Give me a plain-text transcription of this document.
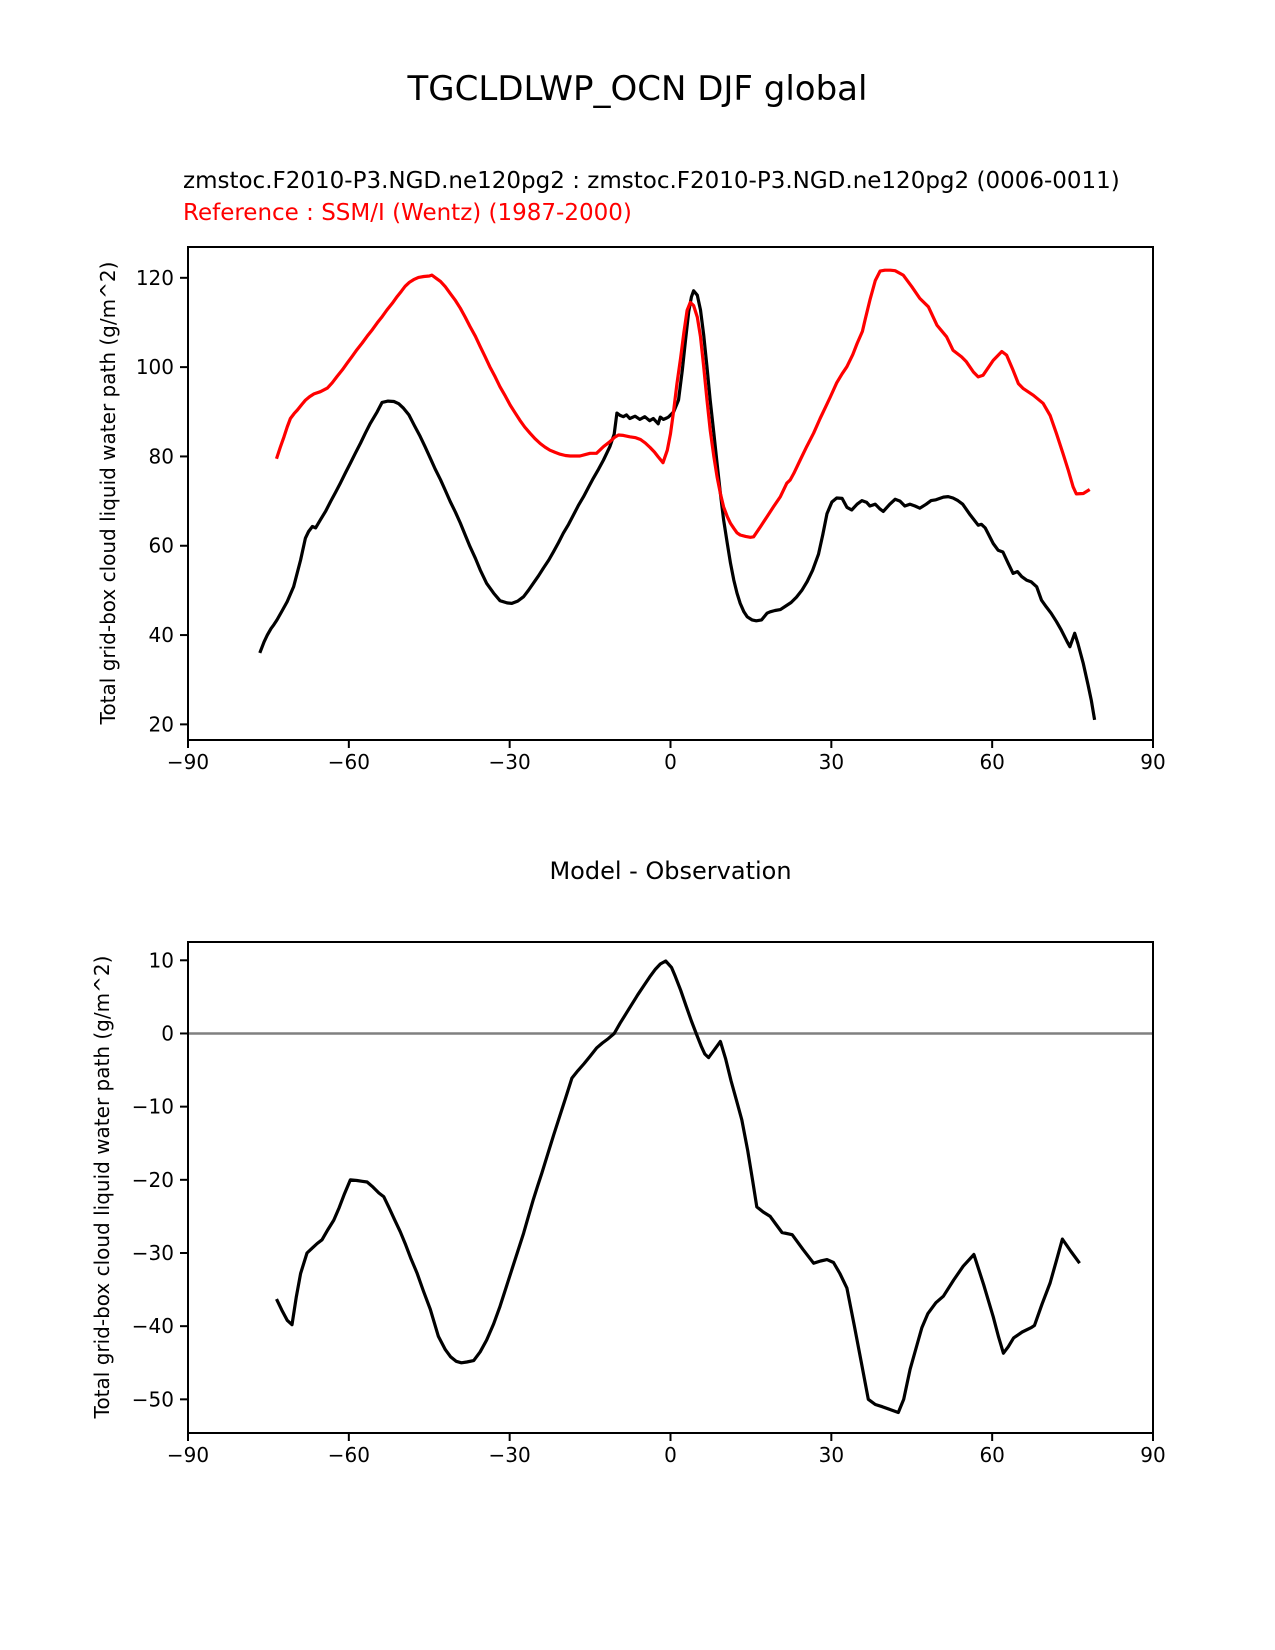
TGCLDLWP_OCN DJF global
zmstoc.F2010-P3.NGD.ne120pg2 : zmstoc.F2010-P3.NGD.ne120pg2 (0006-0011)
Reference : SSM/I (Wentz) (1987-2000)
Total grid-box cloud liquid water path (g/m^2)
Total grid-box cloud liquid water path (g/m^2)
Model - Observation
−90	−60	−30	0	30	60	90
20
40
60
80
100
120
−90	−60	−30	0	30	60	90
10
0
−10
−20
−30
−40
−50
